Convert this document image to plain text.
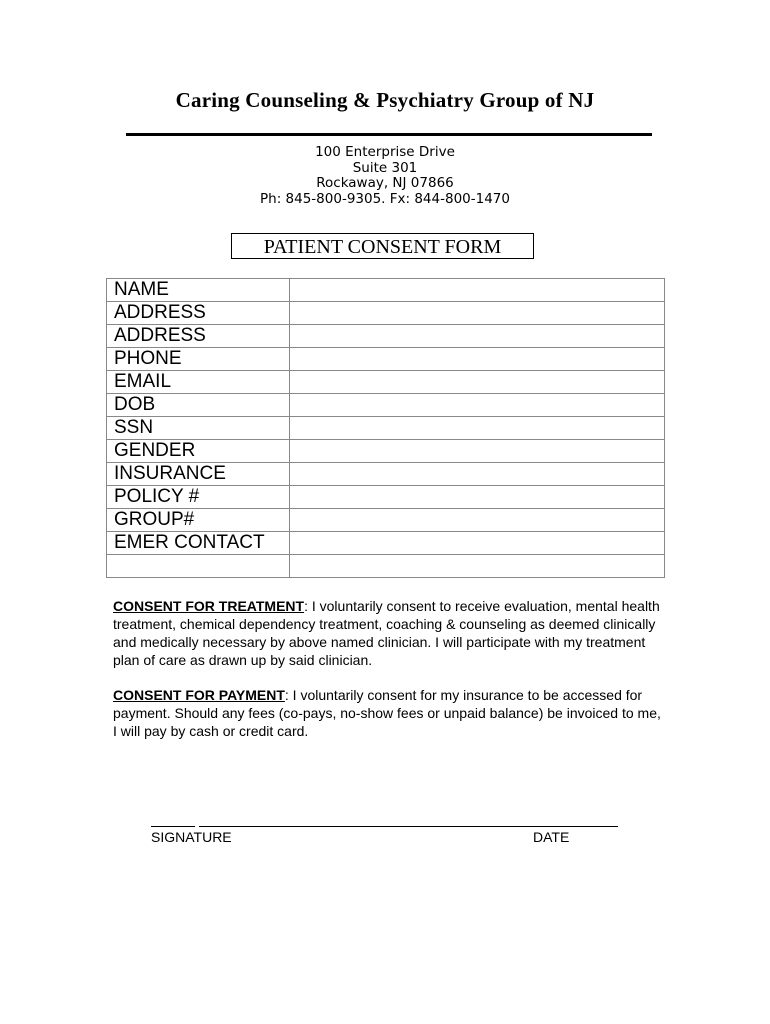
Caring Counseling & Psychiatry Group of NJ
100 Enterprise Drive
Suite 301
Rockaway, NJ 07866
Ph: 845-800-9305. Fx: 844-800-1470
PATIENT CONSENT FORM
NAME	
ADDRESS	
ADDRESS	
PHONE	
EMAIL	
DOB	
SSN	
GENDER	
INSURANCE	
POLICY #	
GROUP#	
EMER CONTACT	

CONSENT FOR TREATMENT: I voluntarily consent to receive evaluation, mental health treatment, chemical dependency treatment, coaching & counseling as deemed clinically and medically necessary by above named clinician. I will participate with my treatment plan of care as drawn up by said clinician.
CONSENT FOR PAYMENT: I voluntarily consent for my insurance to be accessed for payment. Should any fees (co-pays, no-show fees or unpaid balance) be invoiced to me, I will pay by cash or credit card.
SIGNATURE	DATE
